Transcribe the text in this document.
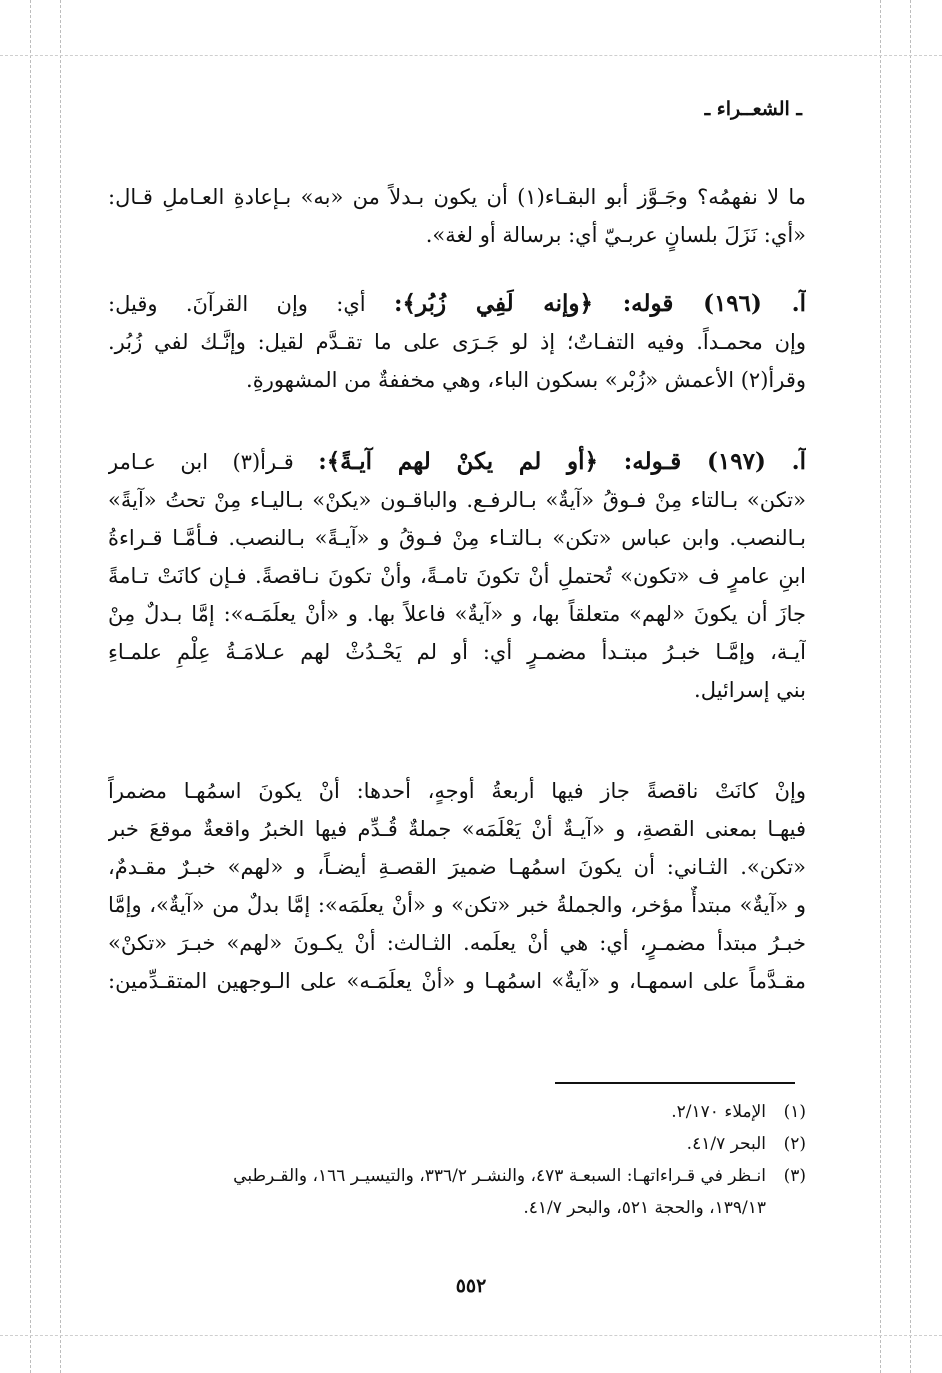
ـ الشعــراء ـ
ما لا نفهمُه؟ وجَـوَّز أبو البقـاء(١) أن يكون بـدلاً من «به» بـإعادةِ العـاملِ قـال:
«أي: نَزَلَ بلسانٍ عربـيّ أي: برسالة أو لغة».
آ. (١٩٦) قوله: ﴿وإنه لَفِي زُبُر﴾: أي: وإن القرآنَ. وقيل:
وإن محمـداً. وفيه التفـاتٌ؛ إذ لو جَـرَى على ما تقـدَّم لقيل: وإنَّـك لفي زُبُر.
وقرأ(٢) الأعمش «زُبْر» بسكون الباء، وهي مخففةٌ من المشهورةِ.
آ. (١٩٧) قـوله: ﴿أو لم يكنْ لهم آيـةً﴾: قـرأ(٣) ابن عـامر
«تكن» بـالتاء مِنْ فـوقُ «آيةٌ» بـالرفـع. والباقـون «يكنْ» بـاليـاء مِنْ تحتُ «آيةً»
بـالنصب. وابن عباس «تكن» بـالتـاء مِنْ فـوقُ و «آيـةً» بـالنصب. فـأمَّـا قـراءةُ
ابنِ عامرٍ ف «تكون» تُحتملِ أنْ تكونَ تامـةً، وأنْ تكونَ نـاقصةً. فـإن كانَتْ تـامةً
جازَ أن يكونَ «لهم» متعلقاً بها، و «آيةٌ» فاعلاً بها. و «أنْ يعلَمَـه»: إمَّا بـدلٌ مِنْ
آيـة، وإمَّـا خبـرُ مبتـدأ مضمـرٍ أي: أو لم يَحْـدُثْ لهم عـلامَـةُ عِلْمِ علمـاءِ
بني إسرائيل.
وإنْ كانَتْ ناقصةً جاز فيها أربعةُ أوجهٍ، أحدها: أنْ يكونَ اسمُهـا مضمراً
فيهـا بمعنى القصةِ، و «آيـةٌ أنْ يَعْلَمَه» جملةٌ قُـدِّم فيها الخبرُ واقعةٌ موقعَ خبر
«تكن». الثـاني: أن يكونَ اسمُهـا ضميرَ القصـةِ أيضـاً، و «لهم» خبـرٌ مقـدمٌ،
و «آيةٌ» مبتدأٌ مؤخر، والجملةُ خبر «تكن» و «أنْ يعلَمَه»: إمَّا بدلٌ من «آيةٌ»، وإمَّا
خبـرُ مبتدأ مضمـرٍ، أي: هي أنْ يعلَمه. الثـالث: أنْ يكـونَ «لهم» خبـرَ «تكنْ»
مقـدَّماً على اسمهـا، و «آيةٌ» اسمُهـا و «أنْ يعلَمَـه» على الـوجهين المتقـدِّمين:
(١)الإملاء ٢/١٧٠.
(٢)البحر ٤١/٧.
(٣)انـظر في قـراءاتهـا: السبعـة ٤٧٣، والنشـر ٣٣٦/٢، والتيسيـر ١٦٦، والقـرطبي
١٣٩/١٣، والحجة ٥٢١، والبحر ٤١/٧.
٥٥٢
